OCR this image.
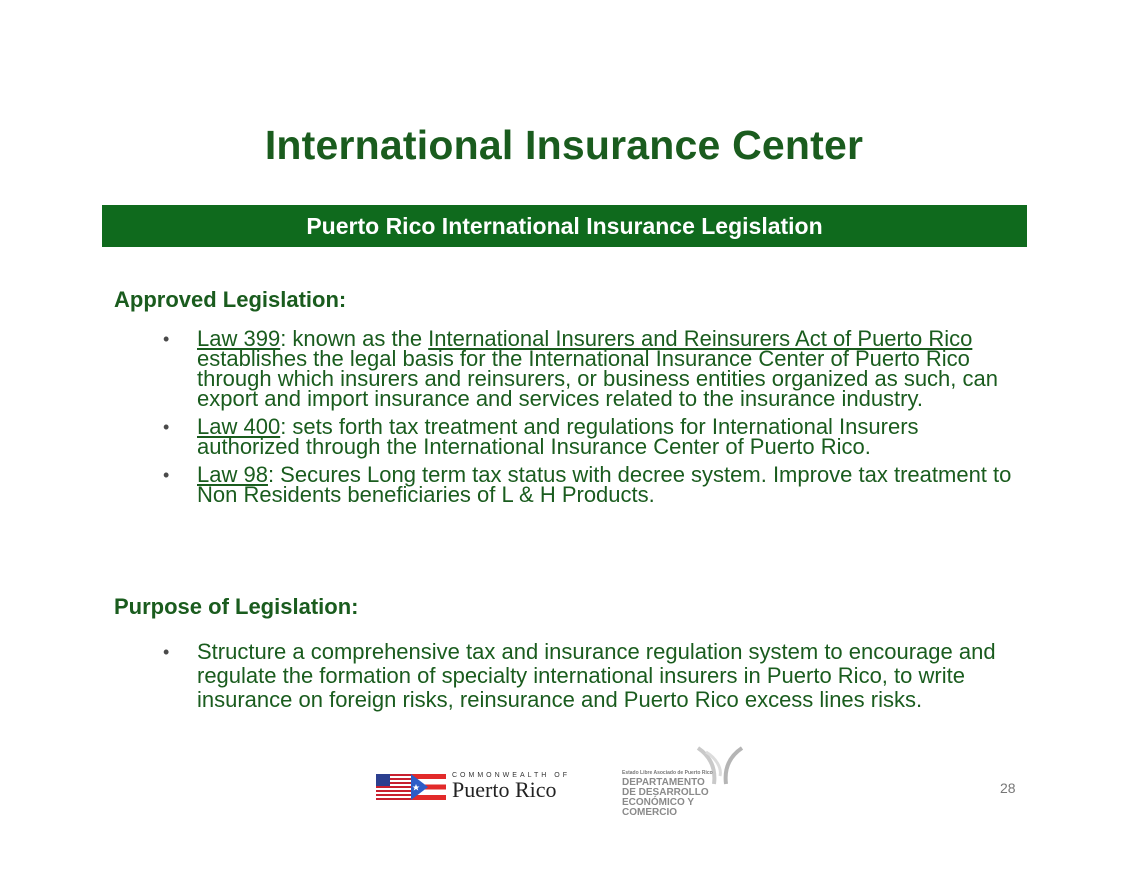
International Insurance Center
Puerto Rico International Insurance Legislation
Approved Legislation:
• Law 399: known as the International Insurers and Reinsurers Act of Puerto Rico establishes the legal basis for the International Insurance Center of Puerto Rico through which insurers and reinsurers, or business entities organized as such, can export and import insurance and services related to the insurance industry.
• Law 400: sets forth tax treatment and regulations for International Insurers authorized through the International Insurance Center of Puerto Rico.
• Law 98: Secures Long term tax status with decree system. Improve tax treatment to Non Residents beneficiaries of L & H Products.
Purpose of Legislation:
• Structure a comprehensive tax and insurance regulation system to encourage and regulate the formation of specialty international insurers in Puerto Rico, to write insurance on foreign risks, reinsurance and Puerto Rico excess lines risks.
COMMONWEALTH OF
Puerto Rico
Estado Libre Asociado de Puerto Rico
DEPARTAMENTO
DE DESARROLLO
ECONÓMICO Y COMERCIO
28
